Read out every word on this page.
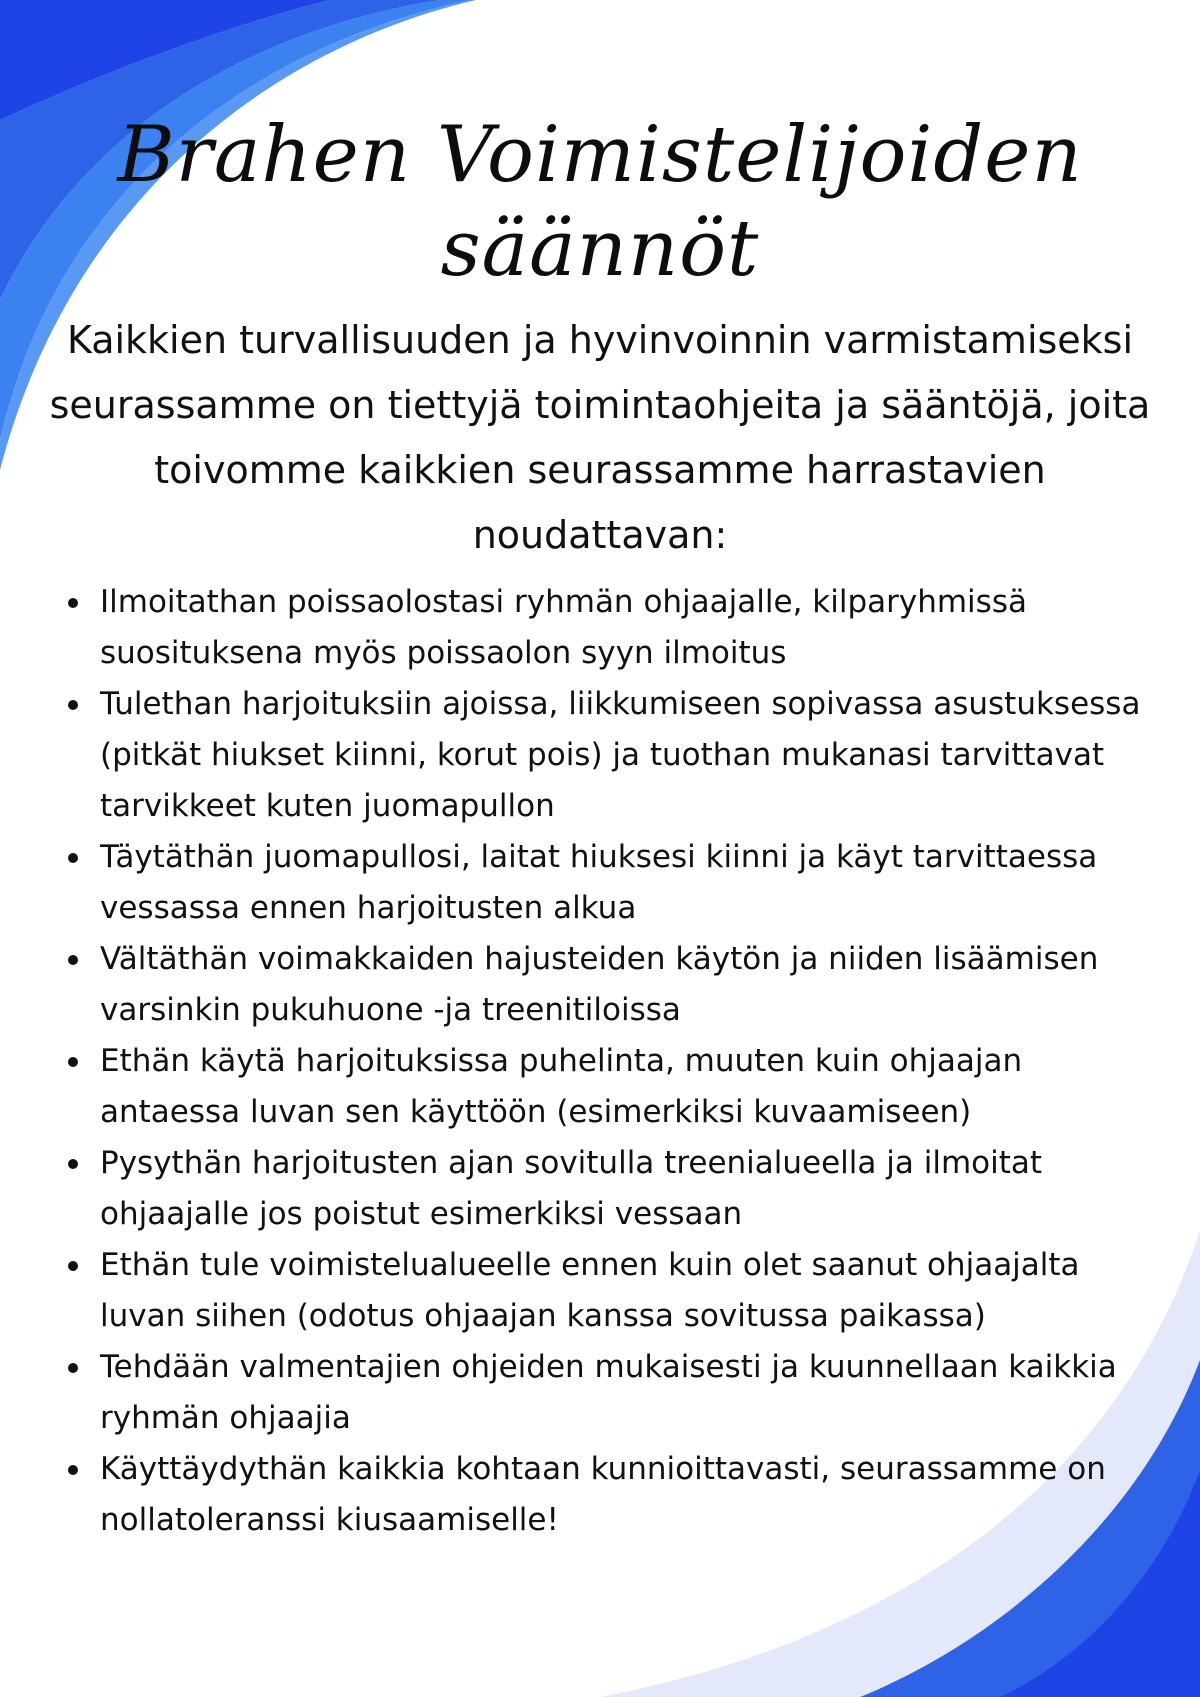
Brahen Voimistelijoiden
säännöt

Kaikkien turvallisuuden ja hyvinvoinnin varmistamiseksi seurassamme on tiettyjä toimintaohjeita ja sääntöjä, joita toivomme kaikkien seurassamme harrastavien noudattavan:

Ilmoitathan poissaolostasi ryhmän ohjaajalle, kilparyhmissä suosituksena myös poissaolon syyn ilmoitus
Tulethan harjoituksiin ajoissa, liikkumiseen sopivassa asustuksessa (pitkät hiukset kiinni, korut pois) ja tuothan mukanasi tarvittavat tarvikkeet kuten juomapullon
Täytäthän juomapullosi, laitat hiuksesi kiinni ja käyt tarvittaessa vessassa ennen harjoitusten alkua
Vältäthän voimakkaiden hajusteiden käytön ja niiden lisäämisen varsinkin pukuhuone -ja treenitiloissa
Ethän käytä harjoituksissa puhelinta, muuten kuin ohjaajan antaessa luvan sen käyttöön (esimerkiksi kuvaamiseen)
Pysythän harjoitusten ajan sovitulla treenialueella ja ilmoitat ohjaajalle jos poistut esimerkiksi vessaan
Ethän tule voimistelualueelle ennen kuin olet saanut ohjaajalta luvan siihen (odotus ohjaajan kanssa sovitussa paikassa)
Tehdään valmentajien ohjeiden mukaisesti ja kuunnellaan kaikkia ryhmän ohjaajia
Käyttäydythän kaikkia kohtaan kunnioittavasti, seurassamme on nollatoleranssi kiusaamiselle!
